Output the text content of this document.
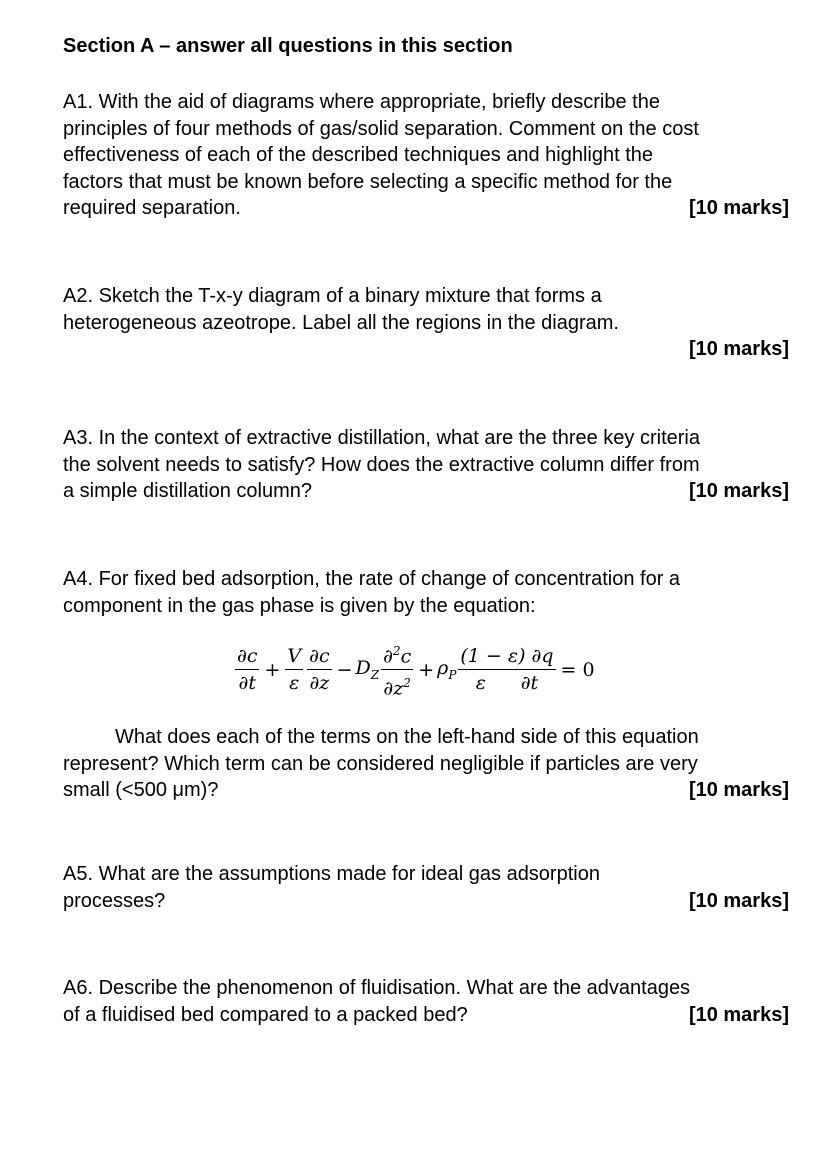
Section A – answer all questions in this section
A1. With the aid of diagrams where appropriate, briefly describe the
principles of four methods of gas/solid separation. Comment on the cost
effectiveness of each of the described techniques and highlight the
factors that must be known before selecting a specific method for the
required separation.	[10 marks]
A2. Sketch the T-x-y diagram of a binary mixture that forms a
heterogeneous azeotrope. Label all the regions in the diagram.
[10 marks]
A3. In the context of extractive distillation, what are the three key criteria
the solvent needs to satisfy? How does the extractive column differ from
a simple distillation column?	[10 marks]
A4. For fixed bed adsorption, the rate of change of concentration for a
component in the gas phase is given by the equation:
$\frac{\partial c}{\partial t} + \frac{V}{\varepsilon} \frac{\partial c}{\partial z} - D_Z \frac{\partial^2c}{\partial z^2} + \rho_P \frac{(1 - \varepsilon) \partial q}{\varepsilon \partial t} = 0$
What does each of the terms on the left-hand side of this equation
represent? Which term can be considered negligible if particles are very
small (<500 μm)?	[10 marks]
A5. What are the assumptions made for ideal gas adsorption
processes?	[10 marks]
A6. Describe the phenomenon of fluidisation. What are the advantages
of a fluidised bed compared to a packed bed?	[10 marks]
